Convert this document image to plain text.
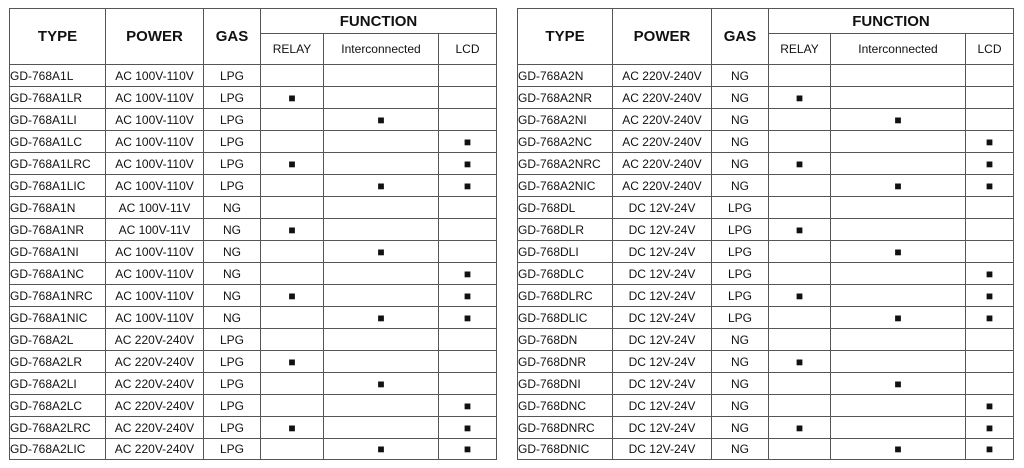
TYPE	POWER	GAS	FUNCTION		
			RELAY	Interconnected	LCD
GD-768A1L	AC 100V-110V	LPG			
GD-768A1LR	AC 100V-110V	LPG	■		
GD-768A1LI	AC 100V-110V	LPG		■	
GD-768A1LC	AC 100V-110V	LPG			■
GD-768A1LRC	AC 100V-110V	LPG	■		■
GD-768A1LIC	AC 100V-110V	LPG		■	■
GD-768A1N	AC 100V-11V	NG			
GD-768A1NR	AC 100V-11V	NG	■		
GD-768A1NI	AC 100V-110V	NG		■	
GD-768A1NC	AC 100V-110V	NG			■
GD-768A1NRC	AC 100V-110V	NG	■		■
GD-768A1NIC	AC 100V-110V	NG		■	■
GD-768A2L	AC 220V-240V	LPG			
GD-768A2LR	AC 220V-240V	LPG	■		
GD-768A2LI	AC 220V-240V	LPG		■	
GD-768A2LC	AC 220V-240V	LPG			■
GD-768A2LRC	AC 220V-240V	LPG	■		■
GD-768A2LIC	AC 220V-240V	LPG		■	■
TYPE	POWER	GAS	FUNCTION		
			RELAY	Interconnected	LCD
GD-768A2N	AC 220V-240V	NG			
GD-768A2NR	AC 220V-240V	NG	■		
GD-768A2NI	AC 220V-240V	NG		■	
GD-768A2NC	AC 220V-240V	NG			■
GD-768A2NRC	AC 220V-240V	NG	■		■
GD-768A2NIC	AC 220V-240V	NG		■	■
GD-768DL	DC 12V-24V	LPG			
GD-768DLR	DC 12V-24V	LPG	■		
GD-768DLI	DC 12V-24V	LPG		■	
GD-768DLC	DC 12V-24V	LPG			■
GD-768DLRC	DC 12V-24V	LPG	■		■
GD-768DLIC	DC 12V-24V	LPG		■	■
GD-768DN	DC 12V-24V	NG			
GD-768DNR	DC 12V-24V	NG	■		
GD-768DNI	DC 12V-24V	NG		■	
GD-768DNC	DC 12V-24V	NG			■
GD-768DNRC	DC 12V-24V	NG	■		■
GD-768DNIC	DC 12V-24V	NG		■	■
